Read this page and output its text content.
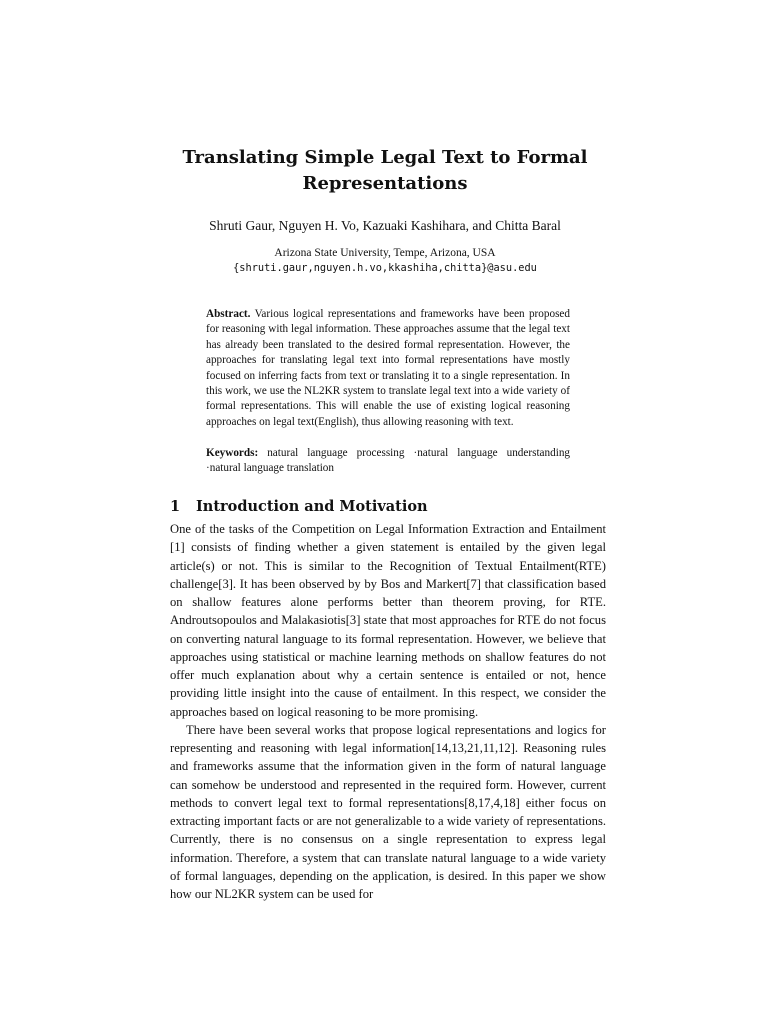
Translating Simple Legal Text to Formal
Representations

Shruti Gaur, Nguyen H. Vo, Kazuaki Kashihara, and Chitta Baral

Arizona State University, Tempe, Arizona, USA
{shruti.gaur,nguyen.h.vo,kkashiha,chitta}@asu.edu

Abstract. Various logical representations and frameworks have been proposed for reasoning with legal information. These approaches assume that the legal text has already been translated to the desired formal representation. However, the approaches for translating legal text into formal representations have mostly focused on inferring facts from text or translating it to a single representation. In this work, we use the NL2KR system to translate legal text into a wide variety of formal representations. This will enable the use of existing logical reasoning approaches on legal text(English), thus allowing reasoning with text.

Keywords: natural language processing ·natural language understanding ·natural language translation

1 Introduction and Motivation

One of the tasks of the Competition on Legal Information Extraction and Entailment [1] consists of finding whether a given statement is entailed by the given legal article(s) or not. This is similar to the Recognition of Textual Entailment(RTE) challenge[3]. It has been observed by by Bos and Markert[7] that classification based on shallow features alone performs better than theorem proving, for RTE. Androutsopoulos and Malakasiotis[3] state that most approaches for RTE do not focus on converting natural language to its formal representation. However, we believe that approaches using statistical or machine learning methods on shallow features do not offer much explanation about why a certain sentence is entailed or not, hence providing little insight into the cause of entailment. In this respect, we consider the approaches based on logical reasoning to be more promising.

There have been several works that propose logical representations and logics for representing and reasoning with legal information[14,13,21,11,12]. Reasoning rules and frameworks assume that the information given in the form of natural language can somehow be understood and represented in the required form. However, current methods to convert legal text to formal representations[8,17,4,18] either focus on extracting important facts or are not generalizable to a wide variety of representations. Currently, there is no consensus on a single representation to express legal information. Therefore, a system that can translate natural language to a wide variety of formal languages, depending on the application, is desired. In this paper we show how our NL2KR system can be used for
